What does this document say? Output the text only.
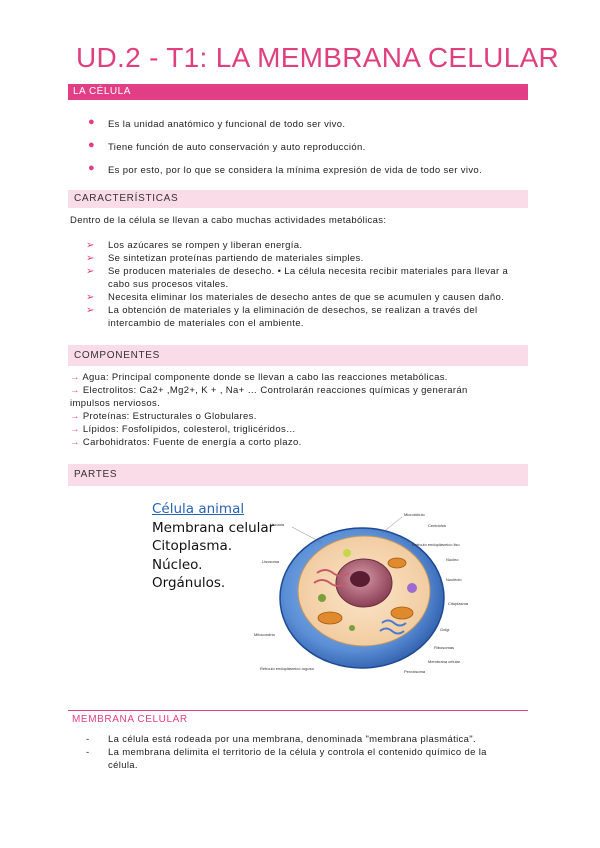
UD.2 - T1: LA MEMBRANA CELULAR
LA CÉLULA
● Es la unidad anatómico y funcional de todo ser vivo.
● Tiene función de auto conservación y auto reproducción.
● Es por esto, por lo que se considera la mínima expresión de vida de todo ser vivo.
CARACTERÍSTICAS
Dentro de la célula se llevan a cabo muchas actividades metabólicas:
➢ Los azúcares se rompen y liberan energía.
➢ Se sintetizan proteínas partiendo de materiales simples.
➢ Se producen materiales de desecho. • La célula necesita recibir materiales para llevar a cabo sus procesos vitales.
➢ Necesita eliminar los materiales de desecho antes de que se acumulen y causen daño.
➢ La obtención de materiales y la eliminación de desechos, se realizan a través del intercambio de materiales con el ambiente.
COMPONENTES
→ Agua: Principal componente donde se llevan a cabo las reacciones metabólicas.
→ Electrolitos: Ca2+ ,Mg2+, K + , Na+ … Controlarán reacciones químicas y generarán impulsos nerviosos.
→ Proteínas: Estructurales o Globulares.
→ Lípidos: Fosfolípidos, colesterol, triglicéridos…
→ Carbohidratos: Fuente de energía a corto plazo.
PARTES
Célula animal
Membrana celular
Citoplasma.
Núcleo.
Orgánulos.
Vacuola
Microtúbulo
Centriolos
Retículo endoplásmico liso
Núcleo
Lisosoma
Nucléolo
Citoplasma
Golgi
Mitocondria
Ribosomas
Membrana celular
Retículo endoplásmico rugoso
Peroxisoma
MEMBRANA CELULAR
- La célula está rodeada por una membrana, denominada "membrana plasmática".
- La membrana delimita el territorio de la célula y controla el contenido químico de la célula.
